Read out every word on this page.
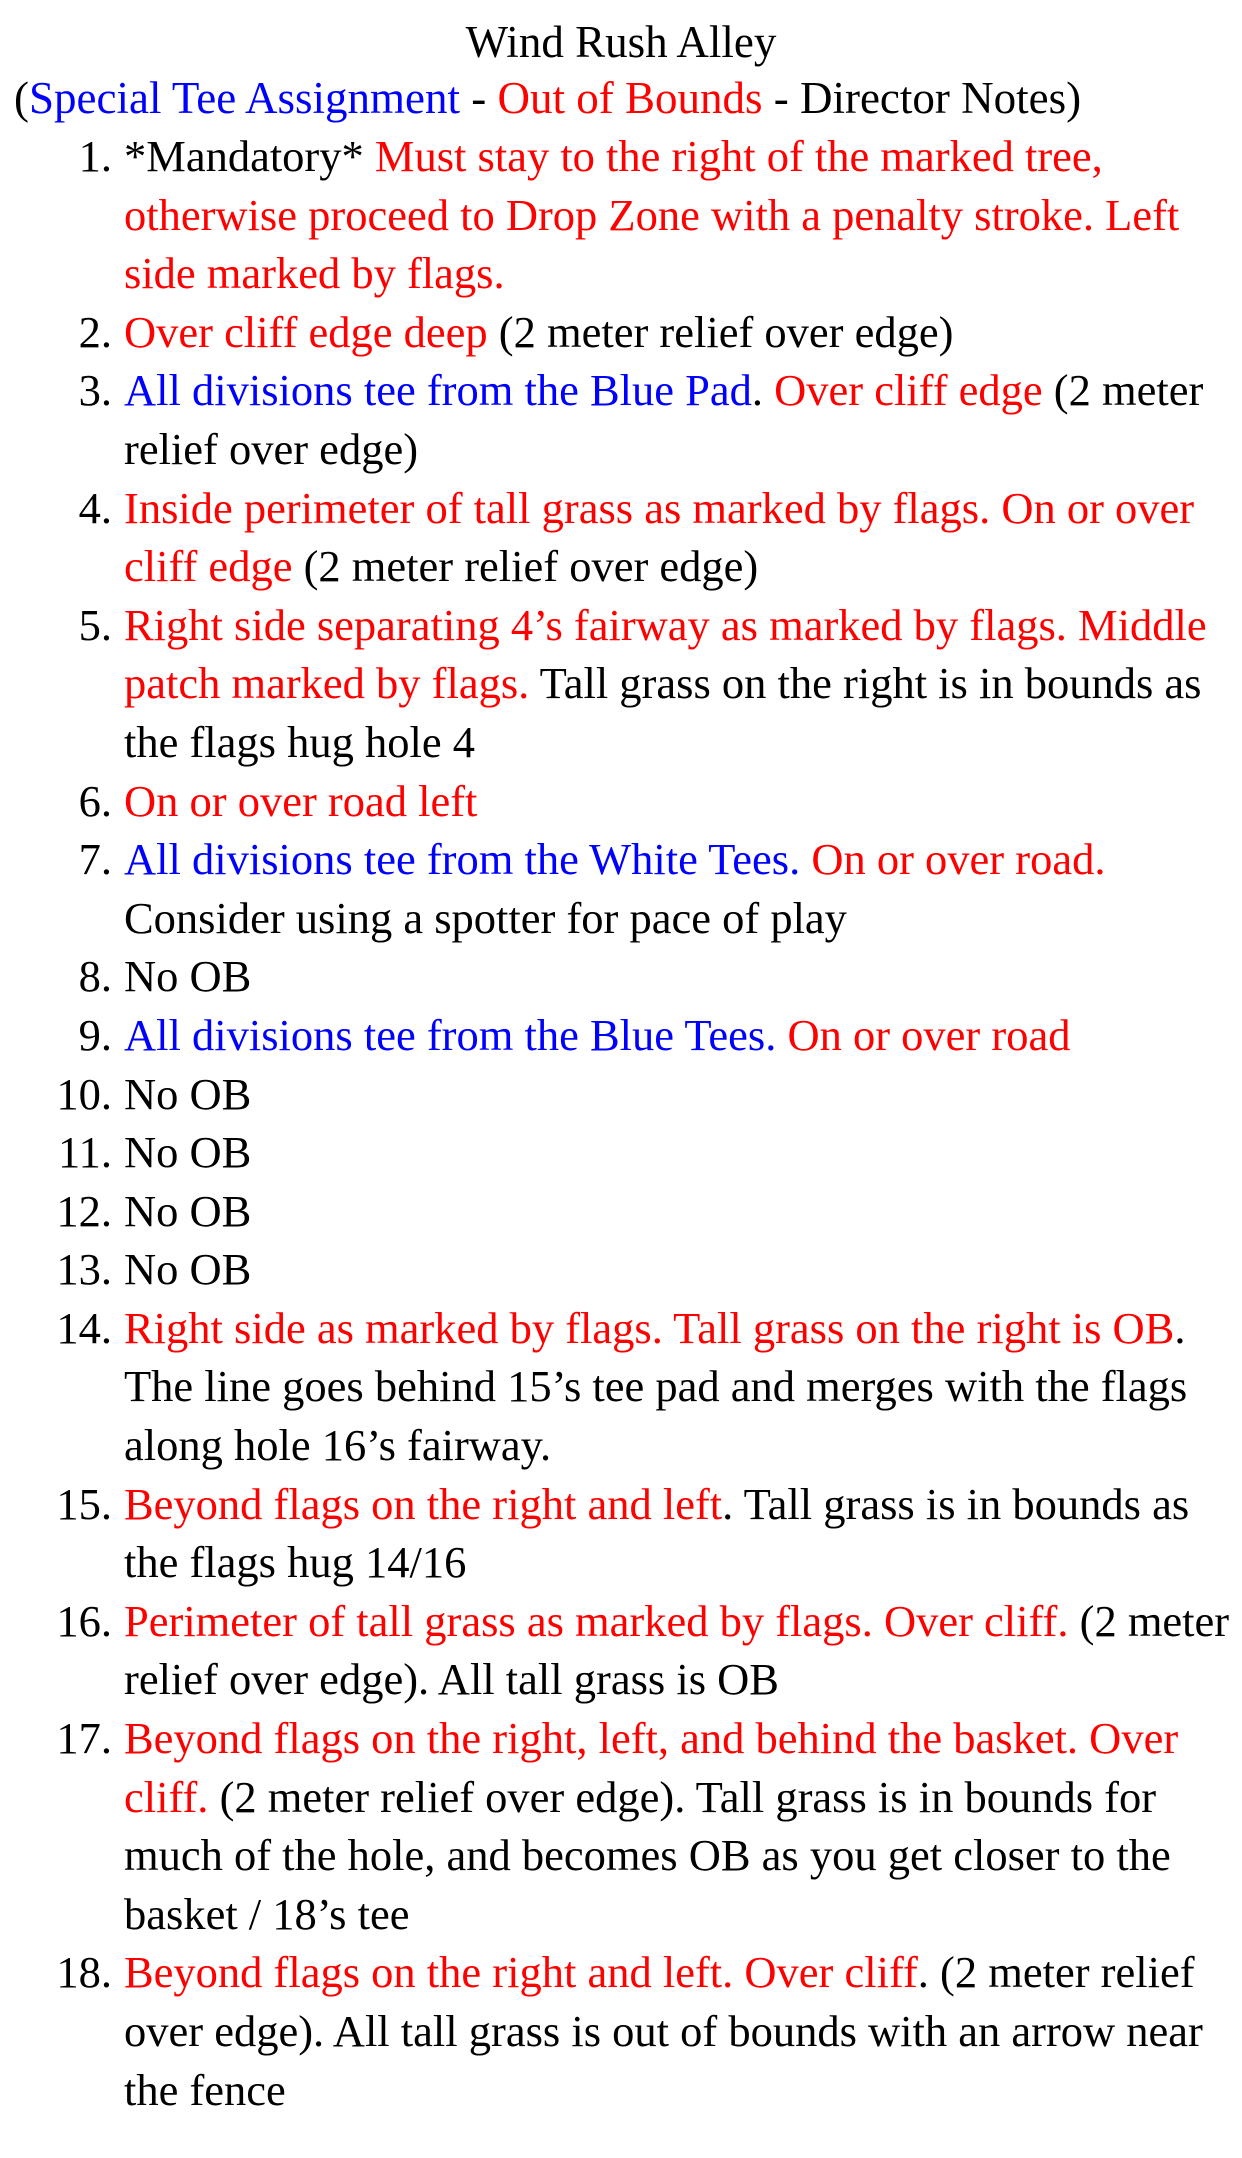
Wind Rush Alley

(Special Tee Assignment - Out of Bounds - Director Notes)

1. *Mandatory* Must stay to the right of the marked tree, otherwise proceed to Drop Zone with a penalty stroke. Left side marked by flags.
2. Over cliff edge deep (2 meter relief over edge)
3. All divisions tee from the Blue Pad. Over cliff edge (2 meter relief over edge)
4. Inside perimeter of tall grass as marked by flags. On or over cliff edge (2 meter relief over edge)
5. Right side separating 4’s fairway as marked by flags. Middle patch marked by flags. Tall grass on the right is in bounds as the flags hug hole 4
6. On or over road left
7. All divisions tee from the White Tees. On or over road. Consider using a spotter for pace of play
8. No OB
9. All divisions tee from the Blue Tees. On or over road
10. No OB
11. No OB
12. No OB
13. No OB
14. Right side as marked by flags. Tall grass on the right is OB. The line goes behind 15’s tee pad and merges with the flags along hole 16’s fairway.
15. Beyond flags on the right and left. Tall grass is in bounds as the flags hug 14/16
16. Perimeter of tall grass as marked by flags. Over cliff. (2 meter relief over edge). All tall grass is OB
17. Beyond flags on the right, left, and behind the basket. Over cliff. (2 meter relief over edge). Tall grass is in bounds for much of the hole, and becomes OB as you get closer to the basket / 18’s tee
18. Beyond flags on the right and left. Over cliff. (2 meter relief over edge). All tall grass is out of bounds with an arrow near the fence
